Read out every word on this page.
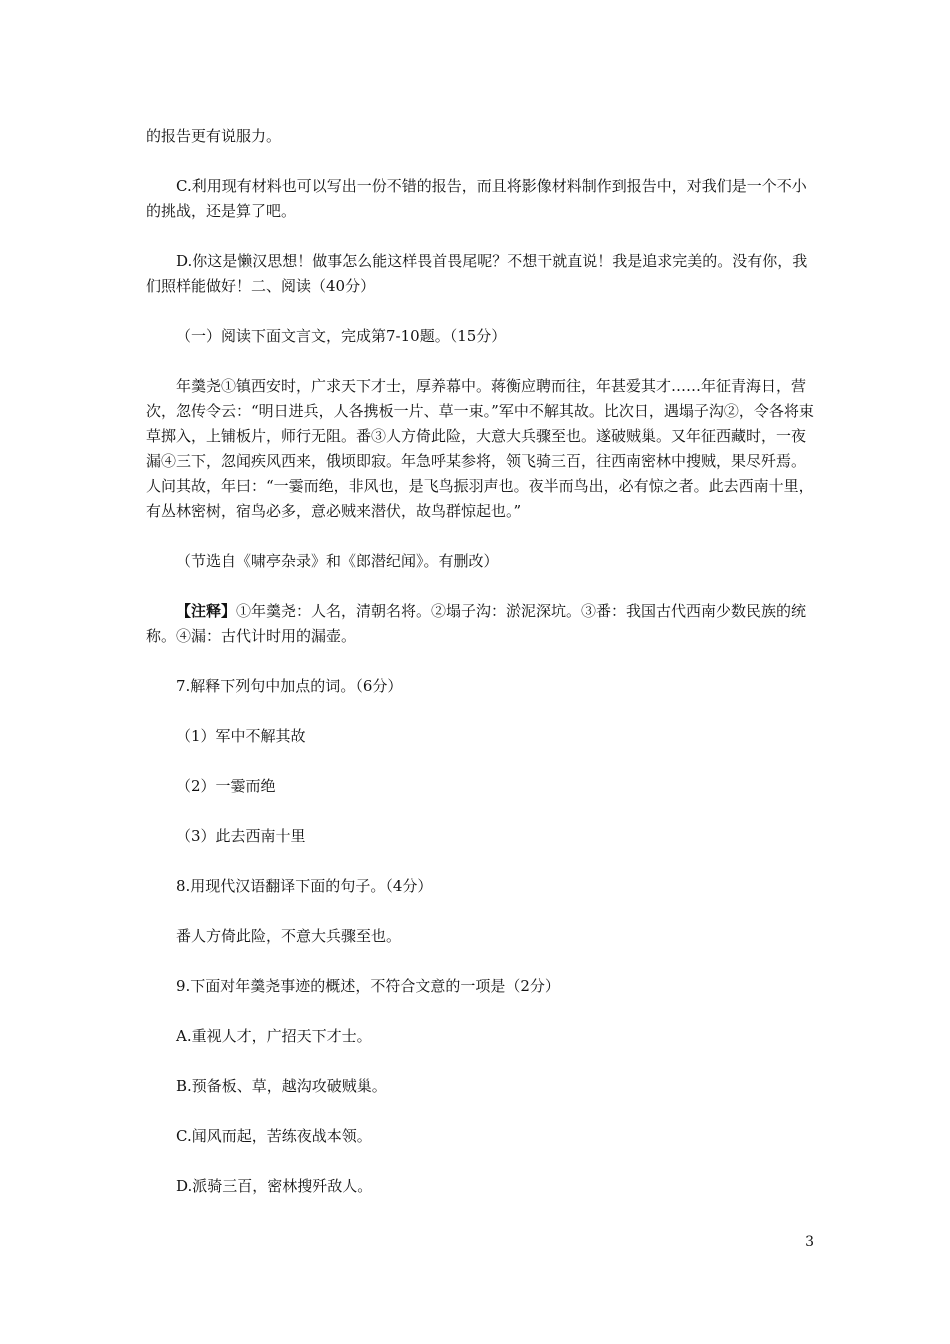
的报告更有说服力。

C.利用现有材料也可以写出一份不错的报告，而且将影像材料制作到报告中，对我们是一个不小的挑战，还是算了吧。

D.你这是懒汉思想！做事怎么能这样畏首畏尾呢？不想干就直说！我是追求完美的。没有你，我们照样能做好！二、阅读（40分）

（一）阅读下面文言文，完成第7-10题。（15分）

年羹尧①镇西安时，广求天下才士，厚养幕中。蒋衡应聘而往，年甚爱其才……年征青海日，营次，忽传令云：“明日进兵，人各携板一片、草一束。”军中不解其故。比次日，遇塌子沟②，令各将束草掷入，上铺板片，师行无阻。番③人方倚此险，大意大兵骤至也。遂破贼巢。又年征西藏时，一夜漏④三下，忽闻疾风西来，俄顷即寂。年急呼某参将，领飞骑三百，往西南密林中搜贼，果尽歼焉。人问其故，年曰：“一霎而绝，非风也，是飞鸟振羽声也。夜半而鸟出，必有惊之者。此去西南十里，有丛林密树，宿鸟必多，意必贼来潜伏，故鸟群惊起也。”

（节选自《啸亭杂录》和《郎潜纪闻》。有删改）

【注释】①年羹尧：人名，清朝名将。②塌子沟：淤泥深坑。③番：我国古代西南少数民族的统称。④漏：古代计时用的漏壶。

7.解释下列句中加点的词。（6分）

（1）军中不解其故

（2）一霎而绝

（3）此去西南十里

8.用现代汉语翻译下面的句子。（4分）

番人方倚此险，不意大兵骤至也。

9.下面对年羹尧事迹的概述，不符合文意的一项是（2分）

A.重视人才，广招天下才士。

B.预备板、草，越沟攻破贼巢。

C.闻风而起，苦练夜战本领。

D.派骑三百，密林搜歼敌人。

3
